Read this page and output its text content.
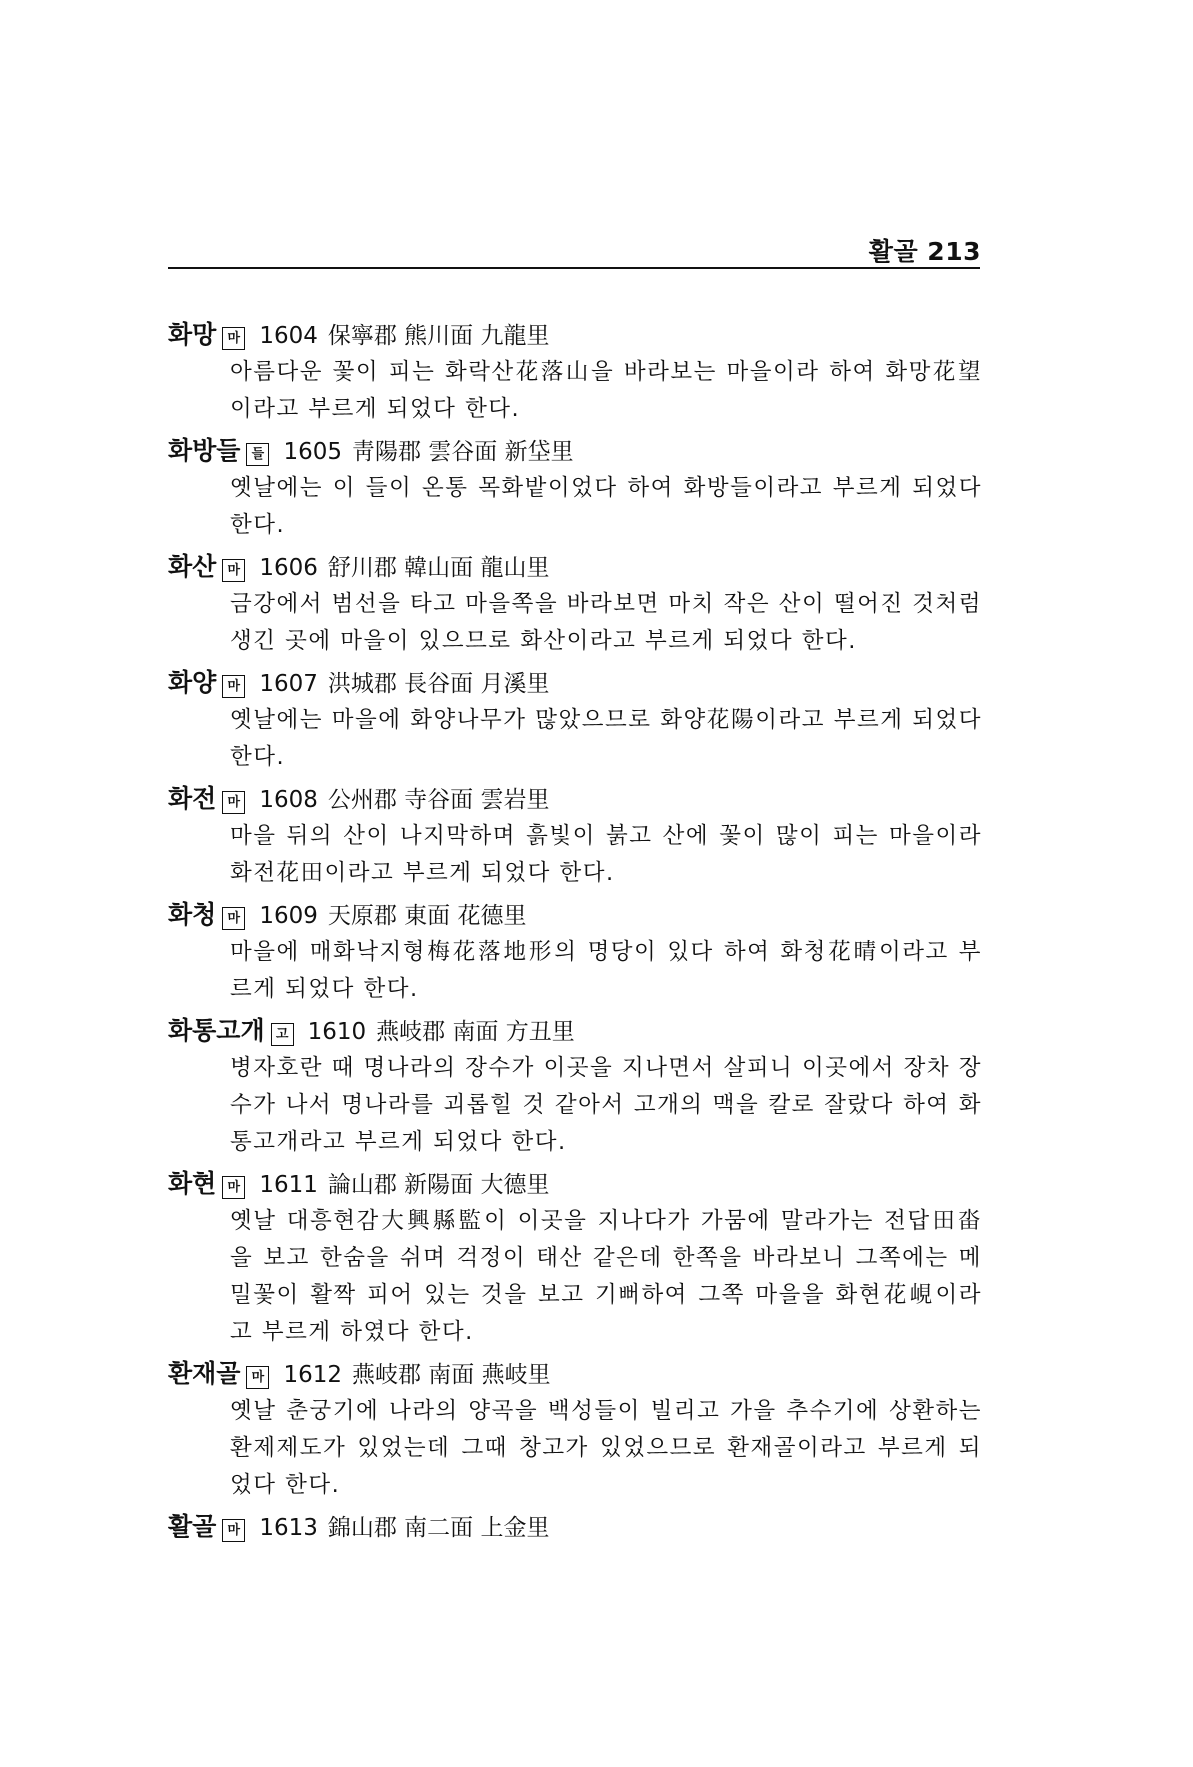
활골 213
화망 마 1604 保寧郡 熊川面 九龍里
아름다운 꽃이 피는 화락산花落山을 바라보는 마을이라 하여 화망花望이라고 부르게 되었다 한다.
화방들 들 1605 靑陽郡 雲谷面 新垈里
옛날에는 이 들이 온통 목화밭이었다 하여 화방들이라고 부르게 되었다 한다.
화산 마 1606 舒川郡 韓山面 龍山里
금강에서 범선을 타고 마을쪽을 바라보면 마치 작은 산이 떨어진 것처럼 생긴 곳에 마을이 있으므로 화산이라고 부르게 되었다 한다.
화양 마 1607 洪城郡 長谷面 月溪里
옛날에는 마을에 화양나무가 많았으므로 화양花陽이라고 부르게 되었다 한다.
화전 마 1608 公州郡 寺谷面 雲岩里
마을 뒤의 산이 나지막하며 흙빛이 붉고 산에 꽃이 많이 피는 마을이라 화전花田이라고 부르게 되었다 한다.
화청 마 1609 天原郡 東面 花德里
마을에 매화낙지형梅花落地形의 명당이 있다 하여 화청花晴이라고 부르게 되었다 한다.
화통고개 고 1610 燕岐郡 南面 方丑里
병자호란 때 명나라의 장수가 이곳을 지나면서 살피니 이곳에서 장차 장수가 나서 명나라를 괴롭힐 것 같아서 고개의 맥을 칼로 잘랐다 하여 화통고개라고 부르게 되었다 한다.
화현 마 1611 論山郡 新陽面 大德里
옛날 대흥현감大興縣監이 이곳을 지나다가 가뭄에 말라가는 전답田畓을 보고 한숨을 쉬며 걱정이 태산 같은데 한쪽을 바라보니 그쪽에는 메밀꽃이 활짝 피어 있는 것을 보고 기뻐하여 그쪽 마을을 화현花峴이라고 부르게 하였다 한다.
환재골 마 1612 燕岐郡 南面 燕岐里
옛날 춘궁기에 나라의 양곡을 백성들이 빌리고 가을 추수기에 상환하는 환제제도가 있었는데 그때 창고가 있었으므로 환재골이라고 부르게 되었다 한다.
활골 마 1613 錦山郡 南二面 上金里
